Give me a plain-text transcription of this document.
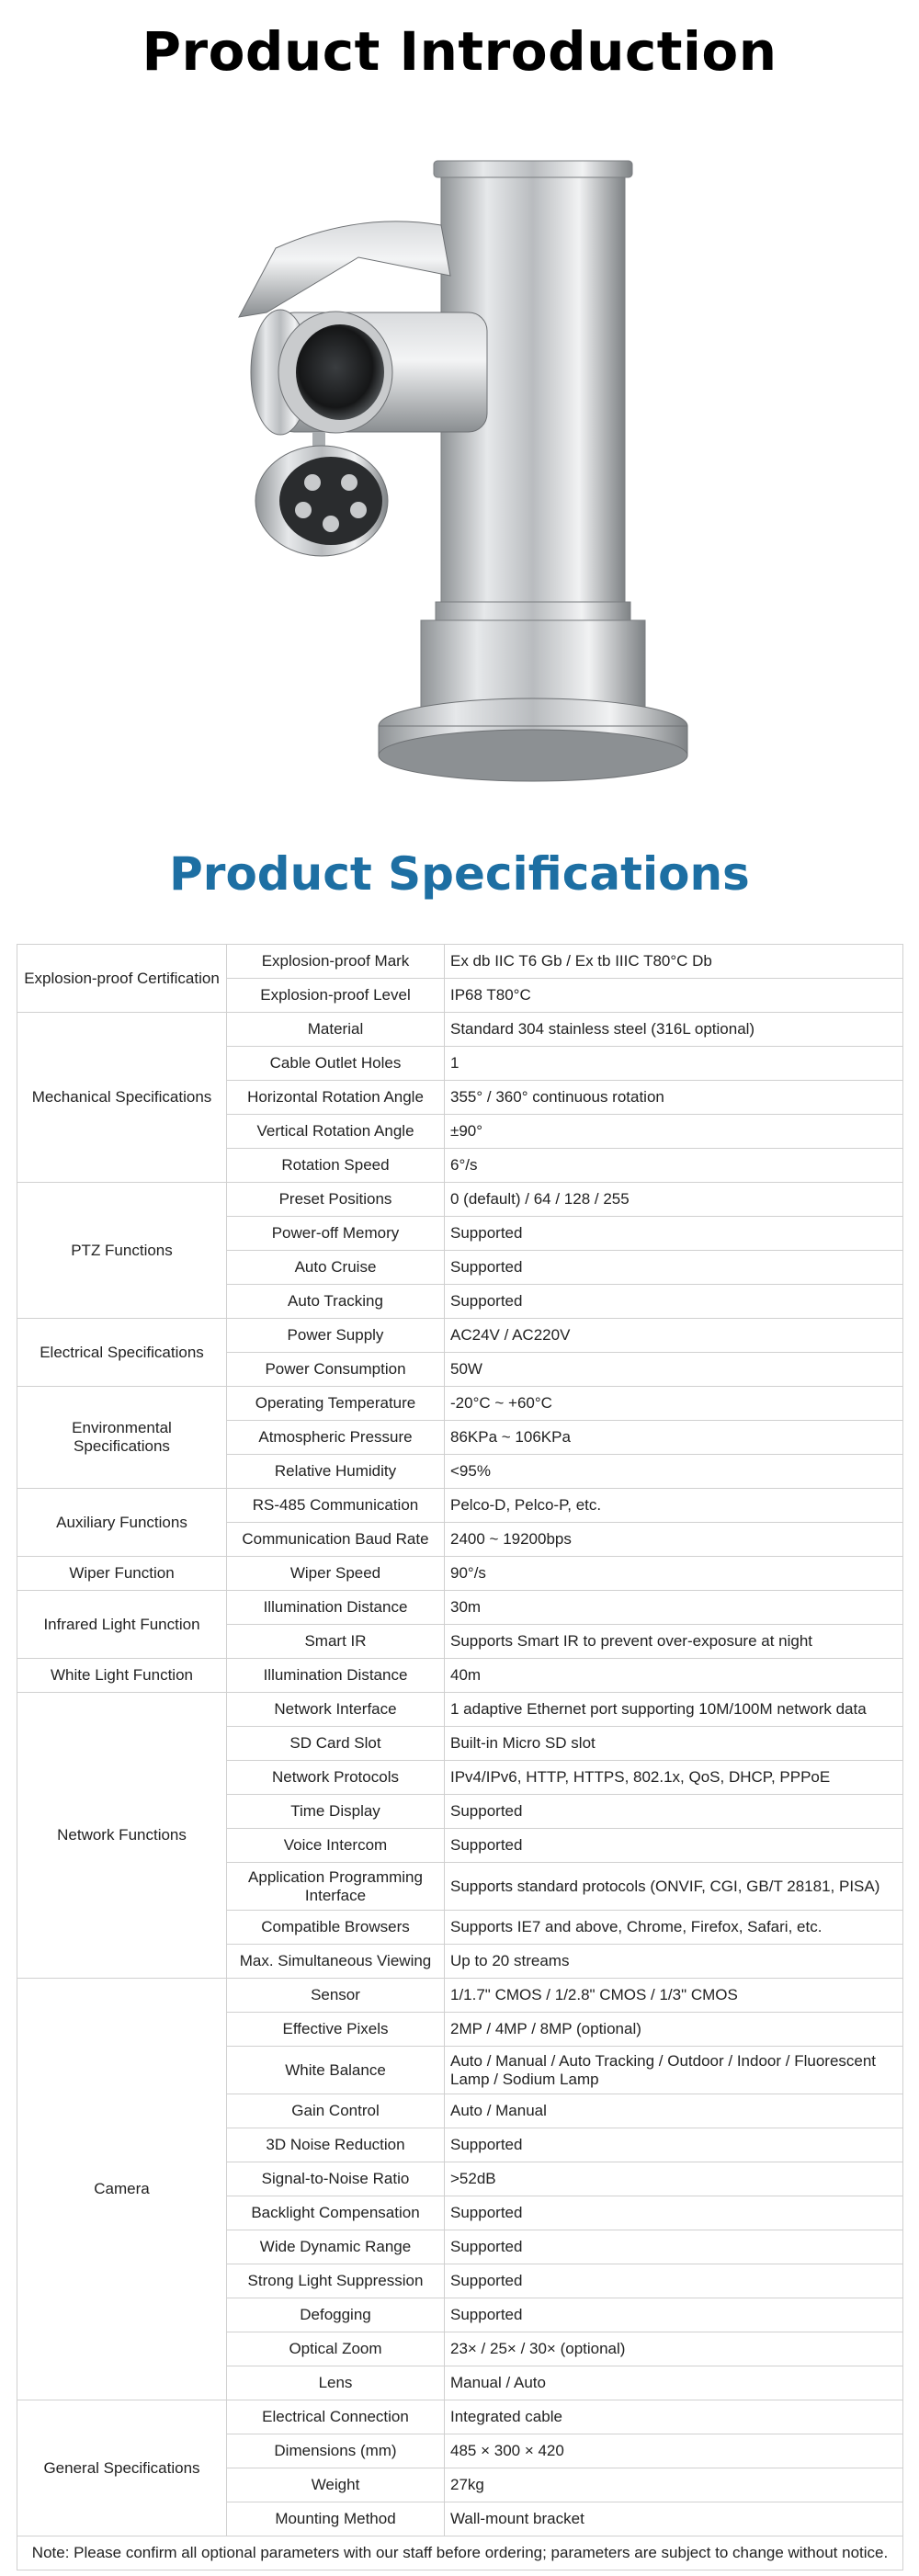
Product Introduction
Product Specifications
Explosion-proof Certification	Explosion-proof Mark	Ex db IIC T6 Gb / Ex tb IIIC T80°C Db
	Explosion-proof Level	IP68 T80°C
Mechanical Specifications	Material	Standard 304 stainless steel (316L optional)
	Cable Outlet Holes	1
	Horizontal Rotation Angle	355° / 360° continuous rotation
	Vertical Rotation Angle	±90°
	Rotation Speed	6°/s
PTZ Functions	Preset Positions	0 (default) / 64 / 128 / 255
	Power-off Memory	Supported
	Auto Cruise	Supported
	Auto Tracking	Supported
Electrical Specifications	Power Supply	AC24V / AC220V
	Power Consumption	50W
Environmental Specifications	Operating Temperature	-20°C ~ +60°C
	Atmospheric Pressure	86KPa ~ 106KPa
	Relative Humidity	<95%
Auxiliary Functions	RS-485 Communication	Pelco-D, Pelco-P, etc.
	Communication Baud Rate	2400 ~ 19200bps
Wiper Function	Wiper Speed	90°/s
Infrared Light Function	Illumination Distance	30m
	Smart IR	Supports Smart IR to prevent over-exposure at night
White Light Function	Illumination Distance	40m
Network Functions	Network Interface	1 adaptive Ethernet port supporting 10M/100M network data
	SD Card Slot	Built-in Micro SD slot
	Network Protocols	IPv4/IPv6, HTTP, HTTPS, 802.1x, QoS, DHCP, PPPoE
	Time Display	Supported
	Voice Intercom	Supported
	Application Programming Interface	Supports standard protocols (ONVIF, CGI, GB/T 28181, PISA)
	Compatible Browsers	Supports IE7 and above, Chrome, Firefox, Safari, etc.
	Max. Simultaneous Viewing	Up to 20 streams
Camera	Sensor	1/1.7" CMOS / 1/2.8" CMOS / 1/3" CMOS
	Effective Pixels	2MP / 4MP / 8MP (optional)
	White Balance	Auto / Manual / Auto Tracking / Outdoor / Indoor / Fluorescent Lamp / Sodium Lamp
	Gain Control	Auto / Manual
	3D Noise Reduction	Supported
	Signal-to-Noise Ratio	>52dB
	Backlight Compensation	Supported
	Wide Dynamic Range	Supported
	Strong Light Suppression	Supported
	Defogging	Supported
	Optical Zoom	23× / 25× / 30× (optional)
	Lens	Manual / Auto
General Specifications	Electrical Connection	Integrated cable
	Dimensions (mm)	485 × 300 × 420
	Weight	27kg
	Mounting Method	Wall-mount bracket
Note: Please confirm all optional parameters with our staff before ordering; parameters are subject to change without notice.		
